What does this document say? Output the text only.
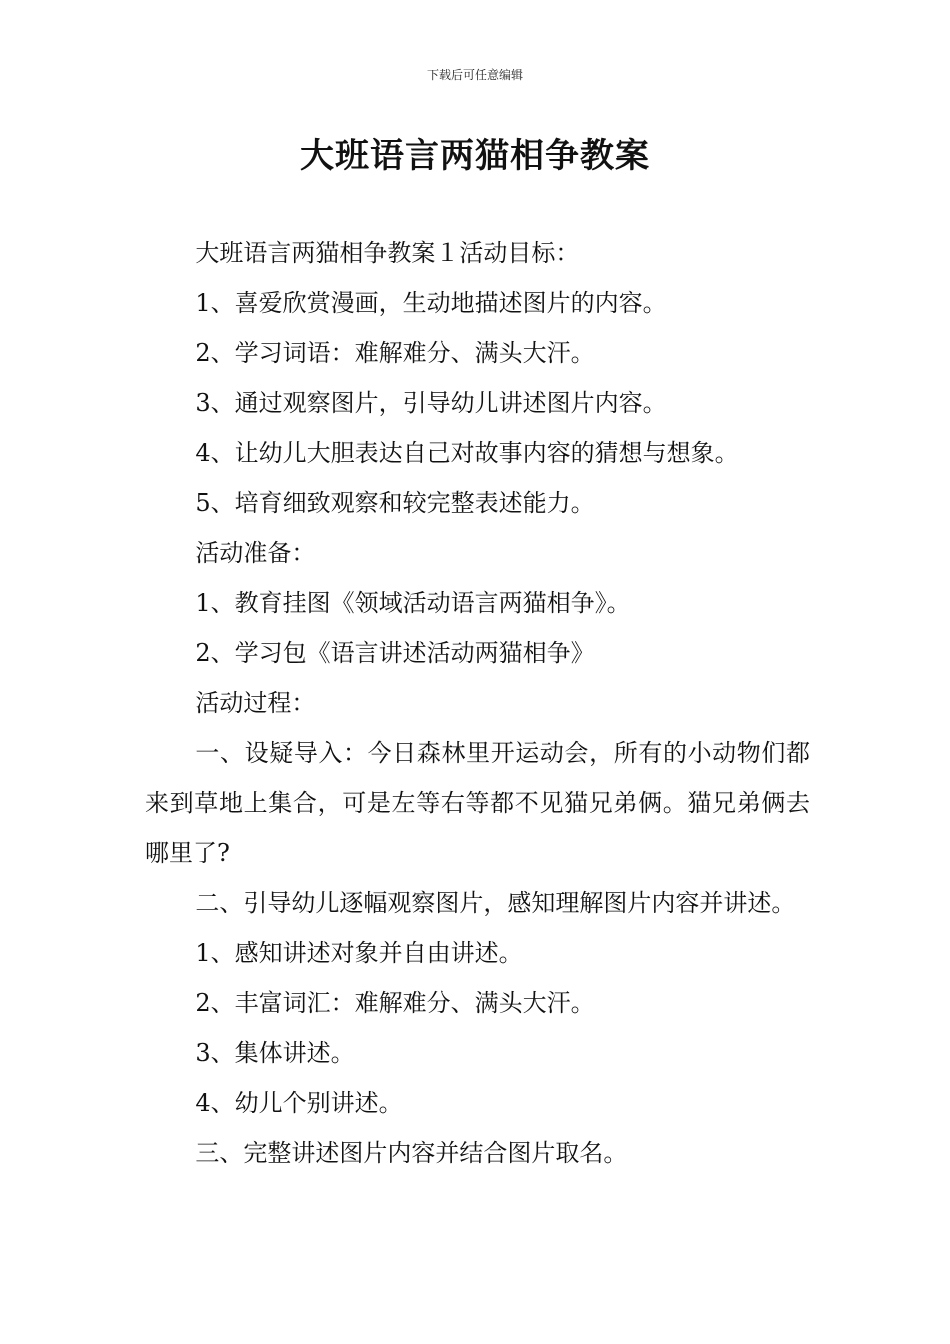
下载后可任意编辑
大班语言两猫相争教案

大班语言两猫相争教案１活动目标：

1、喜爱欣赏漫画，生动地描述图片的内容。

2、学习词语：难解难分、满头大汗。

3、通过观察图片，引导幼儿讲述图片内容。

4、让幼儿大胆表达自己对故事内容的猜想与想象。

5、培育细致观察和较完整表述能力。

活动准备：

1、教育挂图《领域活动语言两猫相争》。

2、学习包《语言讲述活动两猫相争》

活动过程：

一、设疑导入：今日森林里开运动会，所有的小动物们都来到草地上集合，可是左等右等都不见猫兄弟俩。猫兄弟俩去哪里了?

二、引导幼儿逐幅观察图片，感知理解图片内容并讲述。

1、感知讲述对象并自由讲述。

2、丰富词汇：难解难分、满头大汗。

3、集体讲述。

4、幼儿个别讲述。

三、完整讲述图片内容并结合图片取名。
